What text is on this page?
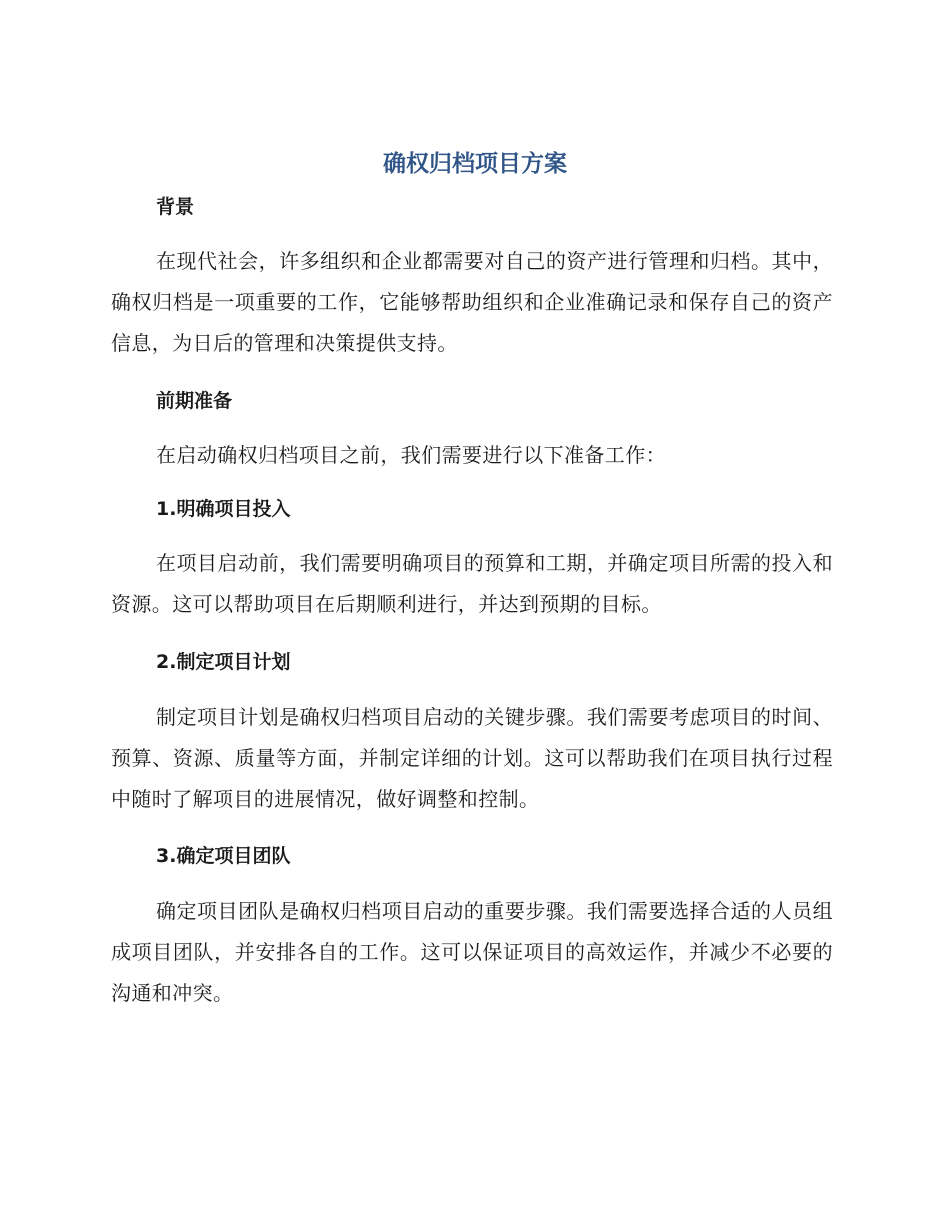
确权归档项目方案
背景

在现代社会，许多组织和企业都需要对自己的资产进行管理和归档。其中，确权归档是一项重要的工作，它能够帮助组织和企业准确记录和保存自己的资产信息，为日后的管理和决策提供支持。

前期准备

在启动确权归档项目之前，我们需要进行以下准备工作：

1.明确项目投入

在项目启动前，我们需要明确项目的预算和工期，并确定项目所需的投入和资源。这可以帮助项目在后期顺利进行，并达到预期的目标。

2.制定项目计划

制定项目计划是确权归档项目启动的关键步骤。我们需要考虑项目的时间、预算、资源、质量等方面，并制定详细的计划。这可以帮助我们在项目执行过程中随时了解项目的进展情况，做好调整和控制。

3.确定项目团队

确定项目团队是确权归档项目启动的重要步骤。我们需要选择合适的人员组成项目团队，并安排各自的工作。这可以保证项目的高效运作，并减少不必要的沟通和冲突。
